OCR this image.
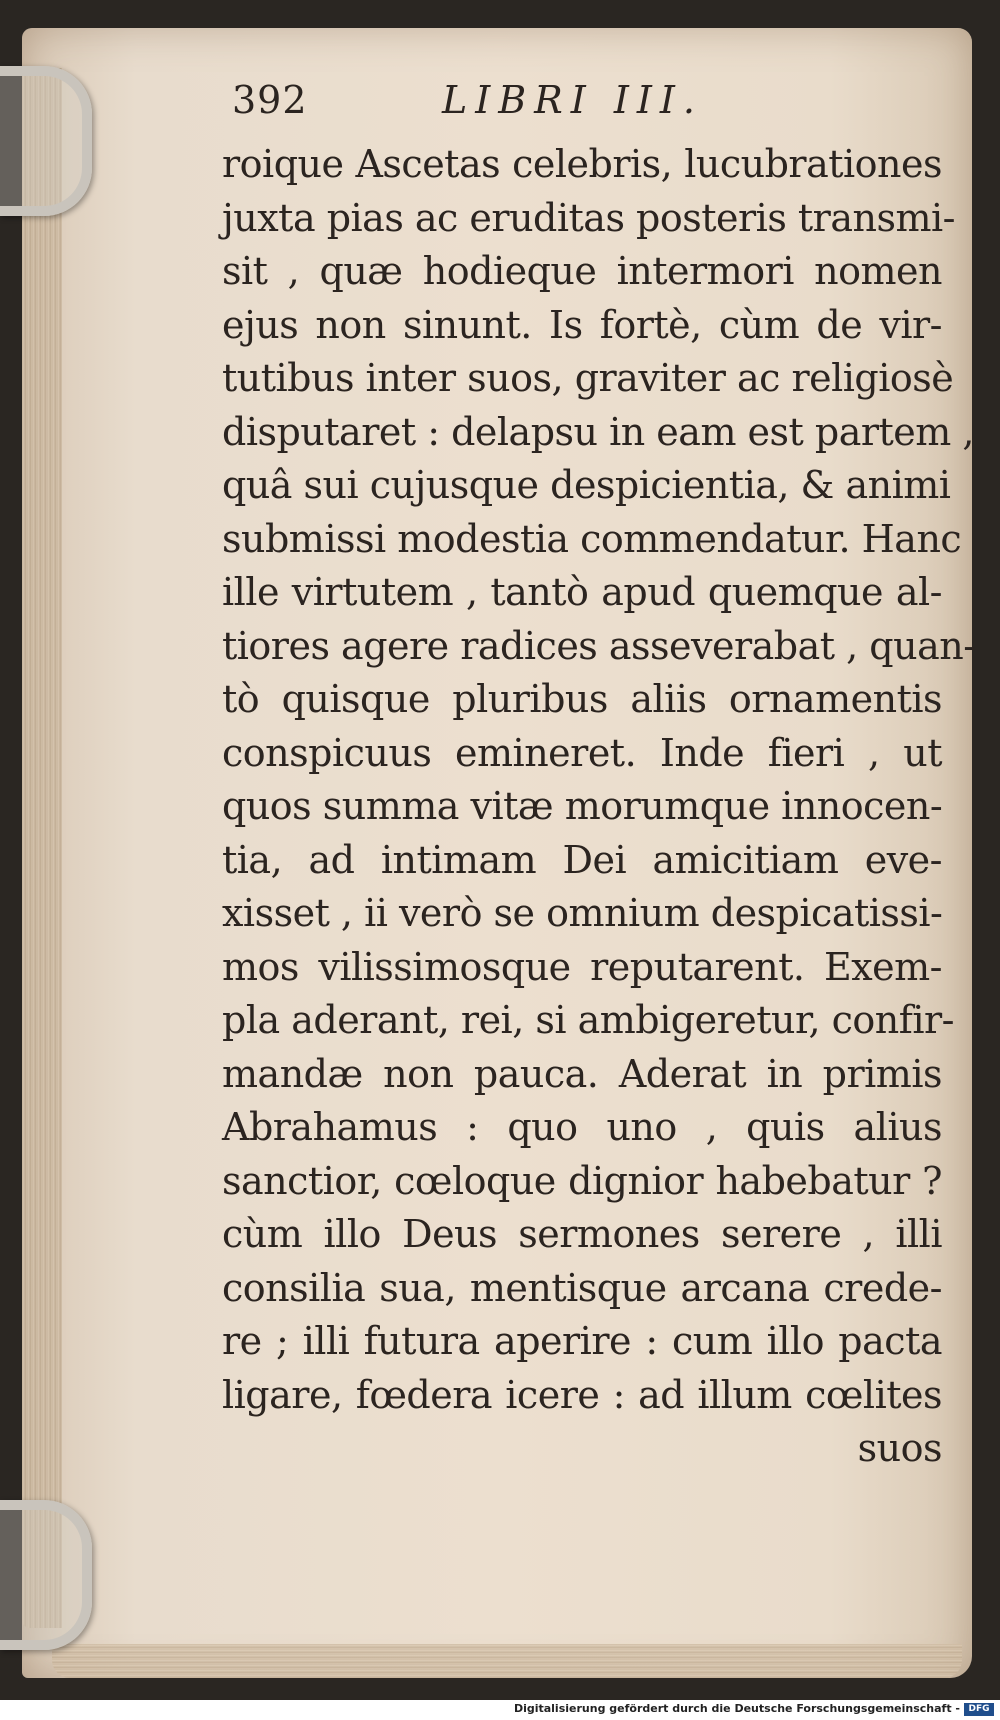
392	LIBRI III.
roique Ascetas celebris, lucubrationes
juxta pias ac eruditas posteris transmi-
sit , quæ hodieque intermori nomen
ejus non sinunt. Is fortè, cùm de vir-
tutibus inter suos, graviter ac religiosè
disputaret : delapsu in eam est partem ,
quâ sui cujusque despicientia, & animi
submissi modestia commendatur. Hanc
ille virtutem , tantò apud quemque al-
tiores agere radices asseverabat , quan-
tò quisque pluribus aliis ornamentis
conspicuus emineret. Inde fieri , ut
quos summa vitæ morumque innocen-
tia, ad intimam Dei amicitiam eve-
xisset , ii verò se omnium despicatissi-
mos vilissimosque reputarent. Exem-
pla aderant, rei, si ambigeretur, confir-
mandæ non pauca. Aderat in primis
Abrahamus : quo uno , quis alius
sanctior, cœloque dignior habebatur ?
cùm illo Deus sermones serere , illi
consilia sua, mentisque arcana crede-
re ; illi futura aperire : cum illo pacta
ligare, fœdera icere : ad illum cœlites
suos
Digitalisierung gefördert durch die Deutsche Forschungsgemeinschaft - DFG
